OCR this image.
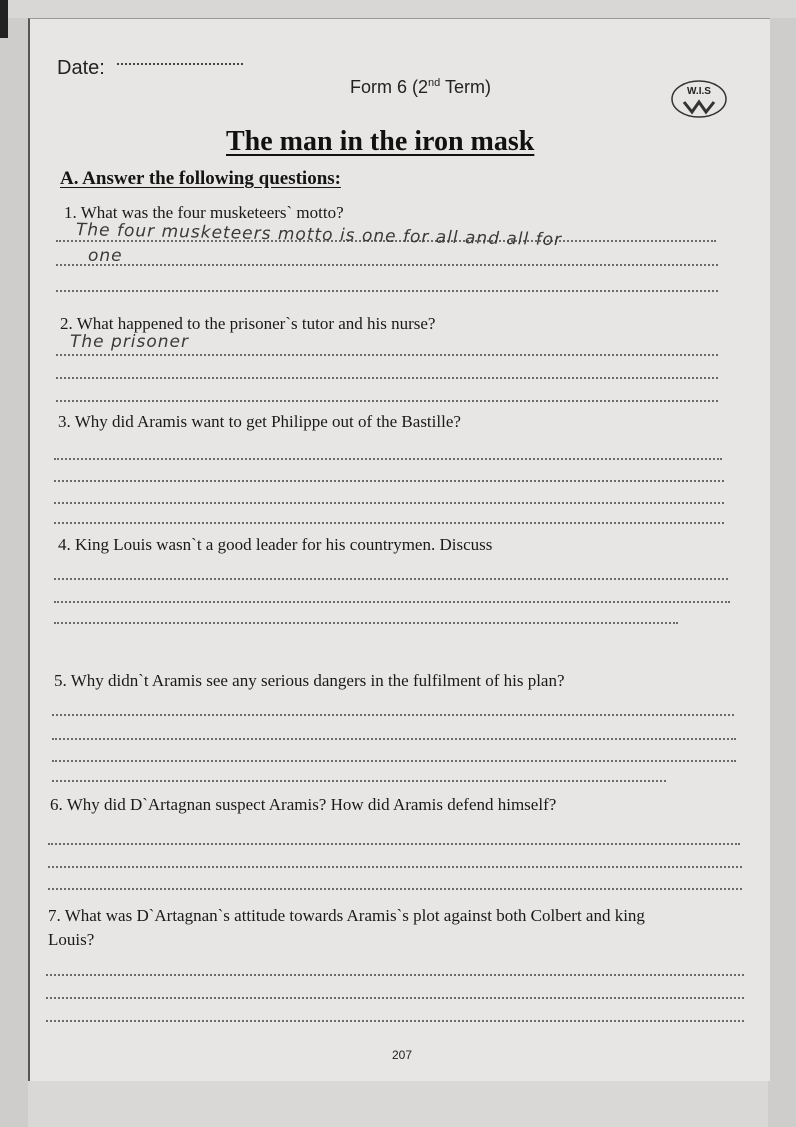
Date:
Form 6 (2nd Term)	W.I.S
The man in the iron mask
A. Answer the following questions:
1. What was the four musketeers` motto?
The four musketeers motto is one for all and all for
one
2. What happened to the prisoner`s tutor and his nurse?
The prisoner
3. Why did Aramis want to get Philippe out of the Bastille?
4. King Louis wasn`t a good leader for his countrymen. Discuss
5. Why didn`t Aramis see any serious dangers in the fulfilment of his plan?
6. Why did D`Artagnan suspect Aramis? How did Aramis defend himself?
7. What was D`Artagnan`s attitude towards Aramis`s plot against both Colbert and king
Louis?
207
